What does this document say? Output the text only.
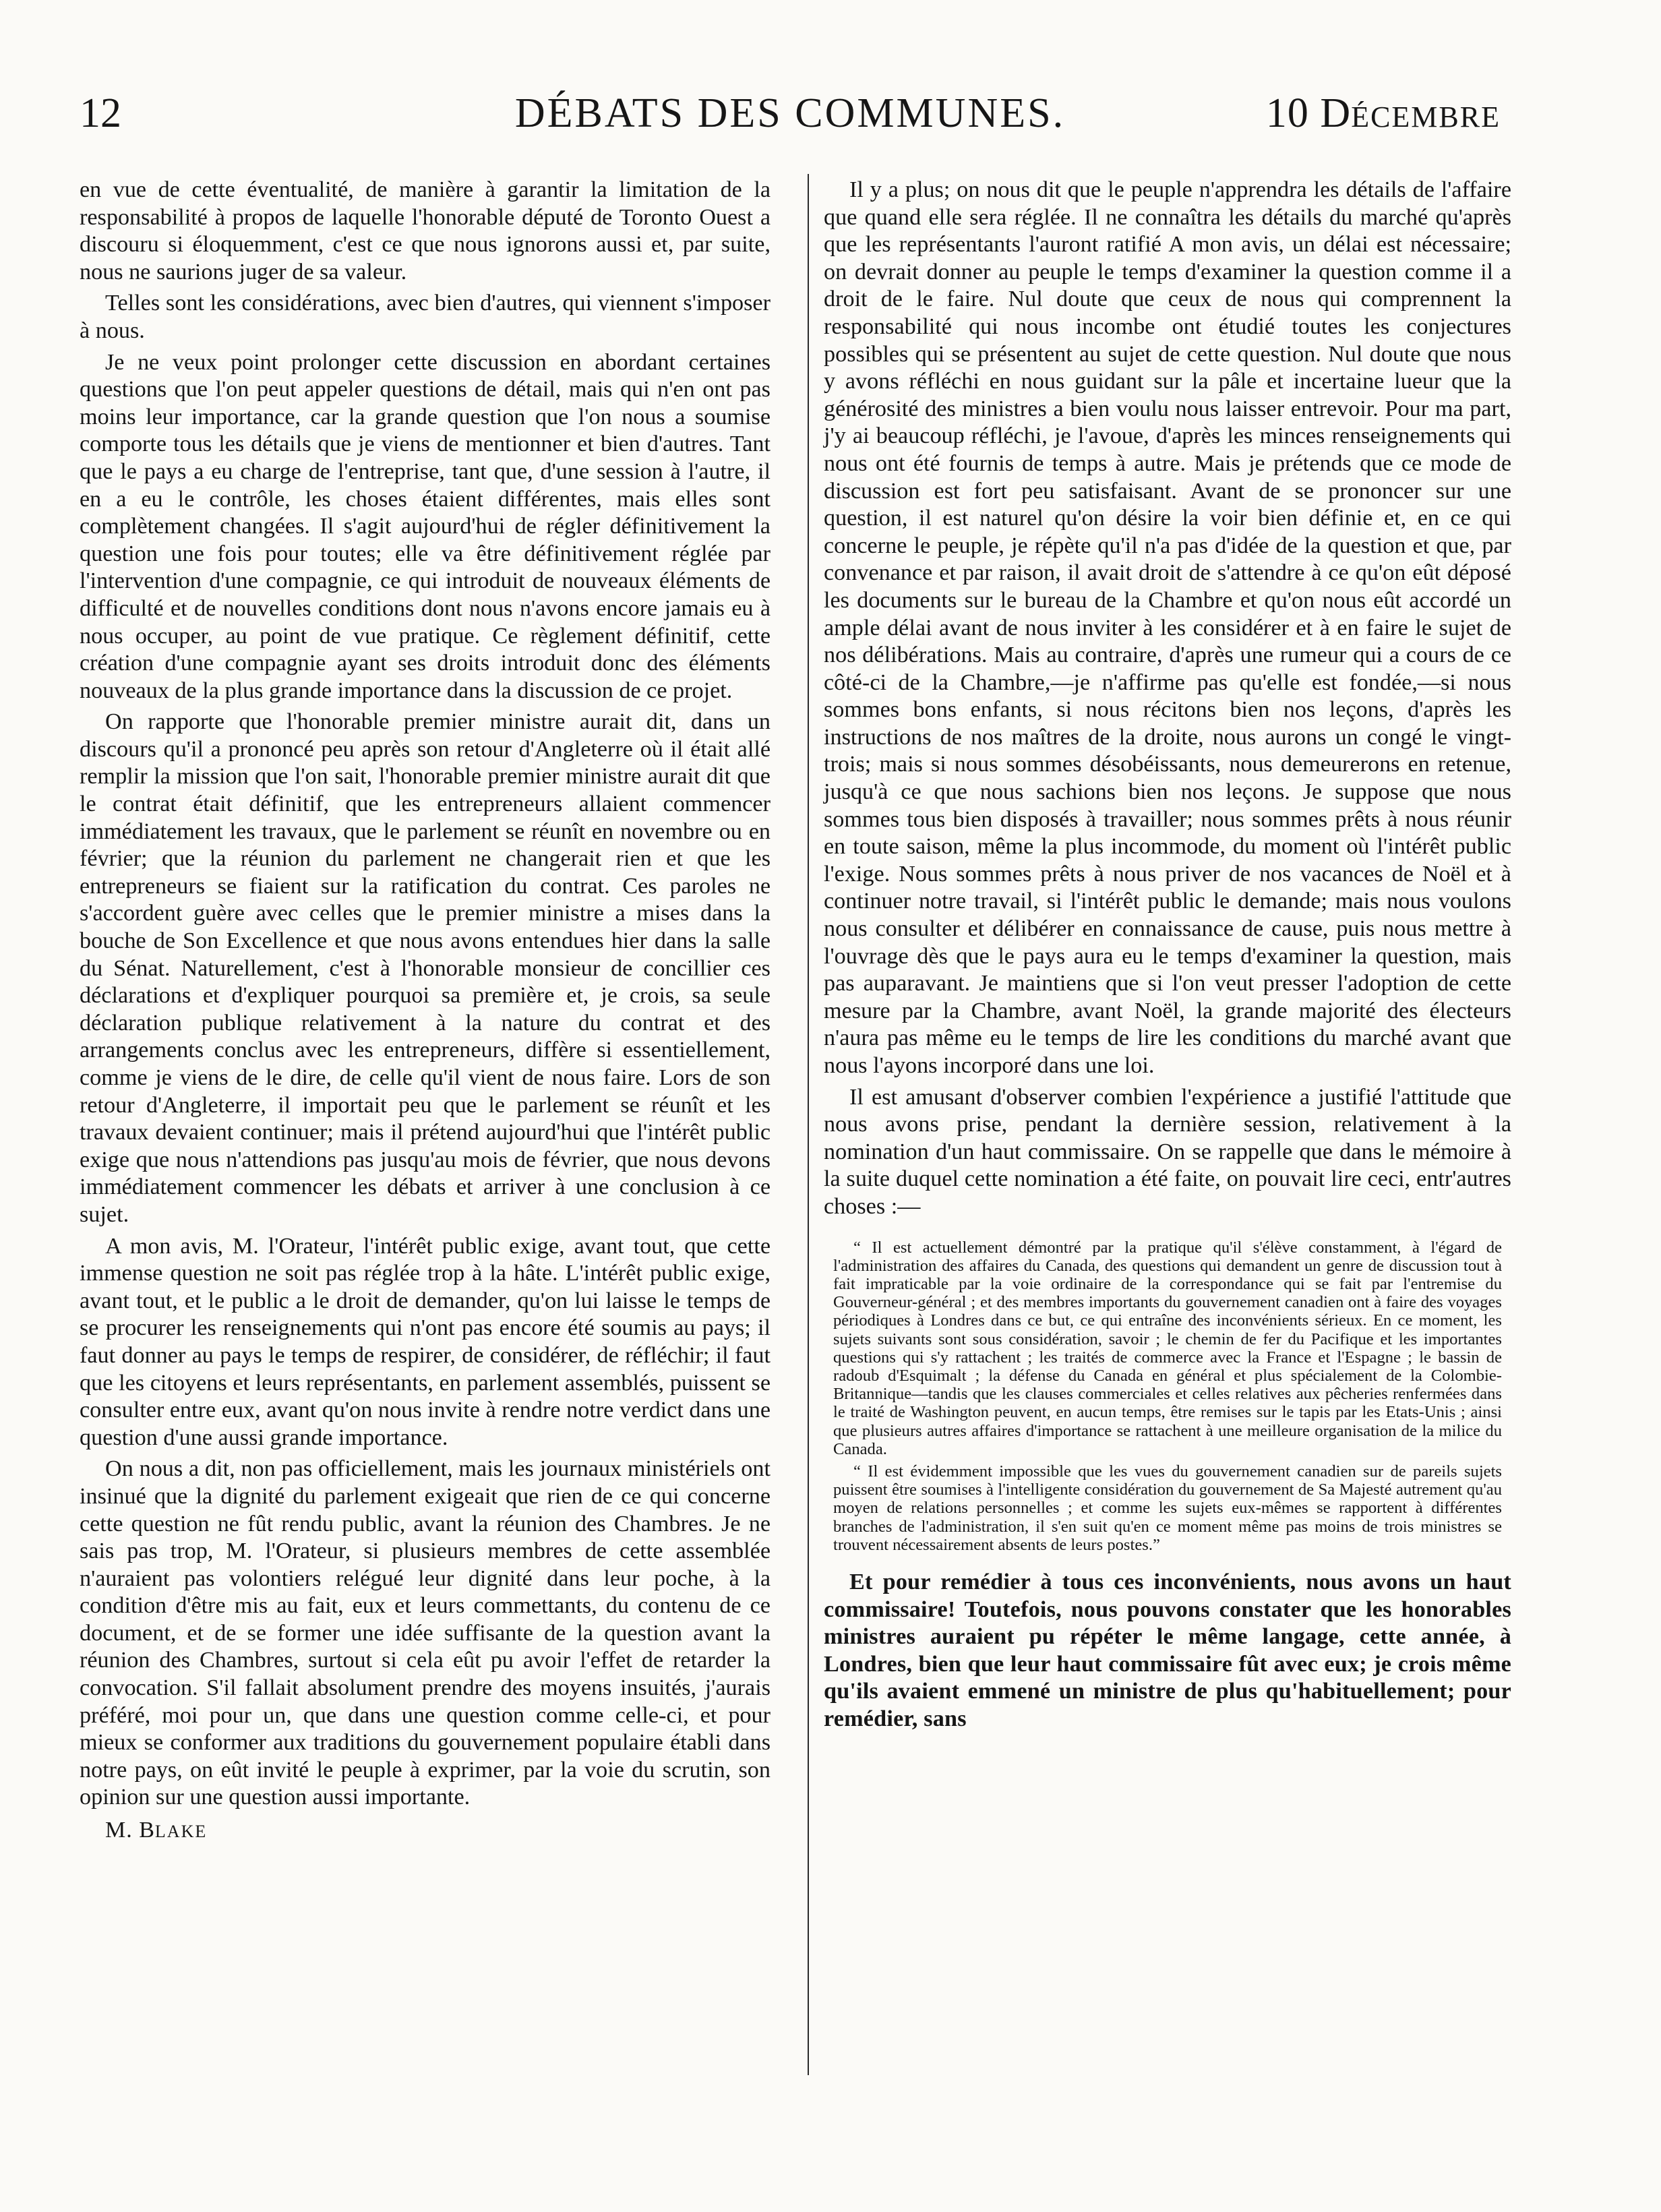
12	DÉBATS DES COMMUNES.	10 DÉCEMBRE

en vue de cette éventualité, de manière à garantir la limitation de la responsabilité à propos de laquelle l'honorable député de Toronto Ouest a discouru si éloquemment, c'est ce que nous ignorons aussi et, par suite, nous ne saurions juger de sa valeur.

Telles sont les considérations, avec bien d'autres, qui viennent s'imposer à nous.

Je ne veux point prolonger cette discussion en abordant certaines questions que l'on peut appeler questions de détail, mais qui n'en ont pas moins leur importance, car la grande question que l'on nous a soumise comporte tous les détails que je viens de mentionner et bien d'autres. Tant que le pays a eu charge de l'entreprise, tant que, d'une session à l'autre, il en a eu le contrôle, les choses étaient différentes, mais elles sont complètement changées. Il s'agit aujourd'hui de régler définitivement la question une fois pour toutes; elle va être définitivement réglée par l'intervention d'une compagnie, ce qui introduit de nouveaux éléments de difficulté et de nouvelles conditions dont nous n'avons encore jamais eu à nous occuper, au point de vue pratique. Ce règlement définitif, cette création d'une compagnie ayant ses droits introduit donc des éléments nouveaux de la plus grande importance dans la discussion de ce projet.

On rapporte que l'honorable premier ministre aurait dit, dans un discours qu'il a prononcé peu après son retour d'Angleterre où il était allé remplir la mission que l'on sait, l'honorable premier ministre aurait dit que le contrat était définitif, que les entrepreneurs allaient commencer immédiatement les travaux, que le parlement se réunît en novembre ou en février; que la réunion du parlement ne changerait rien et que les entrepreneurs se fiaient sur la ratification du contrat. Ces paroles ne s'accordent guère avec celles que le premier ministre a mises dans la bouche de Son Excellence et que nous avons entendues hier dans la salle du Sénat. Naturellement, c'est à l'honorable monsieur de concillier ces déclarations et d'expliquer pourquoi sa première et, je crois, sa seule déclaration publique relativement à la nature du contrat et des arrangements conclus avec les entrepreneurs, diffère si essentiellement, comme je viens de le dire, de celle qu'il vient de nous faire. Lors de son retour d'Angleterre, il importait peu que le parlement se réunît et les travaux devaient continuer; mais il prétend aujourd'hui que l'intérêt public exige que nous n'attendions pas jusqu'au mois de février, que nous devons immédiatement commencer les débats et arriver à une conclusion à ce sujet.

A mon avis, M. l'Orateur, l'intérêt public exige, avant tout, que cette immense question ne soit pas réglée trop à la hâte. L'intérêt public exige, avant tout, et le public a le droit de demander, qu'on lui laisse le temps de se procurer les renseignements qui n'ont pas encore été soumis au pays; il faut donner au pays le temps de respirer, de considérer, de réfléchir; il faut que les citoyens et leurs représentants, en parlement assemblés, puissent se consulter entre eux, avant qu'on nous invite à rendre notre verdict dans une question d'une aussi grande importance.

On nous a dit, non pas officiellement, mais les journaux ministériels ont insinué que la dignité du parlement exigeait que rien de ce qui concerne cette question ne fût rendu public, avant la réunion des Chambres. Je ne sais pas trop, M. l'Orateur, si plusieurs membres de cette assemblée n'auraient pas volontiers relégué leur dignité dans leur poche, à la condition d'être mis au fait, eux et leurs commettants, du contenu de ce document, et de se former une idée suffisante de la question avant la réunion des Chambres, surtout si cela eût pu avoir l'effet de retarder la convocation. S'il fallait absolument prendre des moyens insuités, j'aurais préféré, moi pour un, que dans une question comme celle-ci, et pour mieux se conformer aux traditions du gouvernement populaire établi dans notre pays, on eût invité le peuple à exprimer, par la voie du scrutin, son opinion sur une question aussi importante.

M. BLAKE

Il y a plus; on nous dit que le peuple n'apprendra les détails de l'affaire que quand elle sera réglée. Il ne connaîtra les détails du marché qu'après que les représentants l'auront ratifié A mon avis, un délai est nécessaire; on devrait donner au peuple le temps d'examiner la question comme il a droit de le faire. Nul doute que ceux de nous qui comprennent la responsabilité qui nous incombe ont étudié toutes les conjectures possibles qui se présentent au sujet de cette question. Nul doute que nous y avons réfléchi en nous guidant sur la pâle et incertaine lueur que la générosité des ministres a bien voulu nous laisser entrevoir. Pour ma part, j'y ai beaucoup réfléchi, je l'avoue, d'après les minces renseignements qui nous ont été fournis de temps à autre. Mais je prétends que ce mode de discussion est fort peu satisfaisant. Avant de se prononcer sur une question, il est naturel qu'on désire la voir bien définie et, en ce qui concerne le peuple, je répète qu'il n'a pas d'idée de la question et que, par convenance et par raison, il avait droit de s'attendre à ce qu'on eût déposé les documents sur le bureau de la Chambre et qu'on nous eût accordé un ample délai avant de nous inviter à les considérer et à en faire le sujet de nos délibérations. Mais au contraire, d'après une rumeur qui a cours de ce côté-ci de la Chambre,—je n'affirme pas qu'elle est fondée,—si nous sommes bons enfants, si nous récitons bien nos leçons, d'après les instructions de nos maîtres de la droite, nous aurons un congé le vingt-trois; mais si nous sommes désobéissants, nous demeurerons en retenue, jusqu'à ce que nous sachions bien nos leçons. Je suppose que nous sommes tous bien disposés à travailler; nous sommes prêts à nous réunir en toute saison, même la plus incommode, du moment où l'intérêt public l'exige. Nous sommes prêts à nous priver de nos vacances de Noël et à continuer notre travail, si l'intérêt public le demande; mais nous voulons nous consulter et délibérer en connaissance de cause, puis nous mettre à l'ouvrage dès que le pays aura eu le temps d'examiner la question, mais pas auparavant. Je maintiens que si l'on veut presser l'adoption de cette mesure par la Chambre, avant Noël, la grande majorité des électeurs n'aura pas même eu le temps de lire les conditions du marché avant que nous l'ayons incorporé dans une loi.

Il est amusant d'observer combien l'expérience a justifié l'attitude que nous avons prise, pendant la dernière session, relativement à la nomination d'un haut commissaire. On se rappelle que dans le mémoire à la suite duquel cette nomination a été faite, on pouvait lire ceci, entr'autres choses :—

“ Il est actuellement démontré par la pratique qu'il s'élève constamment, à l'égard de l'administration des affaires du Canada, des questions qui demandent un genre de discussion tout à fait impraticable par la voie ordinaire de la correspondance qui se fait par l'entremise du Gouverneur-général ; et des membres importants du gouvernement canadien ont à faire des voyages périodiques à Londres dans ce but, ce qui entraîne des inconvénients sérieux. En ce moment, les sujets suivants sont sous considération, savoir ; le chemin de fer du Pacifique et les importantes questions qui s'y rattachent ; les traités de commerce avec la France et l'Espagne ; le bassin de radoub d'Esquimalt ; la défense du Canada en général et plus spécialement de la Colombie-Britannique—tandis que les clauses commerciales et celles relatives aux pêcheries renfermées dans le traité de Washington peuvent, en aucun temps, être remises sur le tapis par les Etats-Unis ; ainsi que plusieurs autres affaires d'importance se rattachent à une meilleure organisation de la milice du Canada.

“ Il est évidemment impossible que les vues du gouvernement canadien sur de pareils sujets puissent être soumises à l'intelligente considération du gouvernement de Sa Majesté autrement qu'au moyen de relations personnelles ; et comme les sujets eux-mêmes se rapportent à différentes branches de l'administration, il s'en suit qu'en ce moment même pas moins de trois ministres se trouvent nécessairement absents de leurs postes.”

Et pour remédier à tous ces inconvénients, nous avons un haut commissaire! Toutefois, nous pouvons constater que les honorables ministres auraient pu répéter le même langage, cette année, à Londres, bien que leur haut commissaire fût avec eux; je crois même qu'ils avaient emmené un ministre de plus qu'habituellement; pour remédier, sans
